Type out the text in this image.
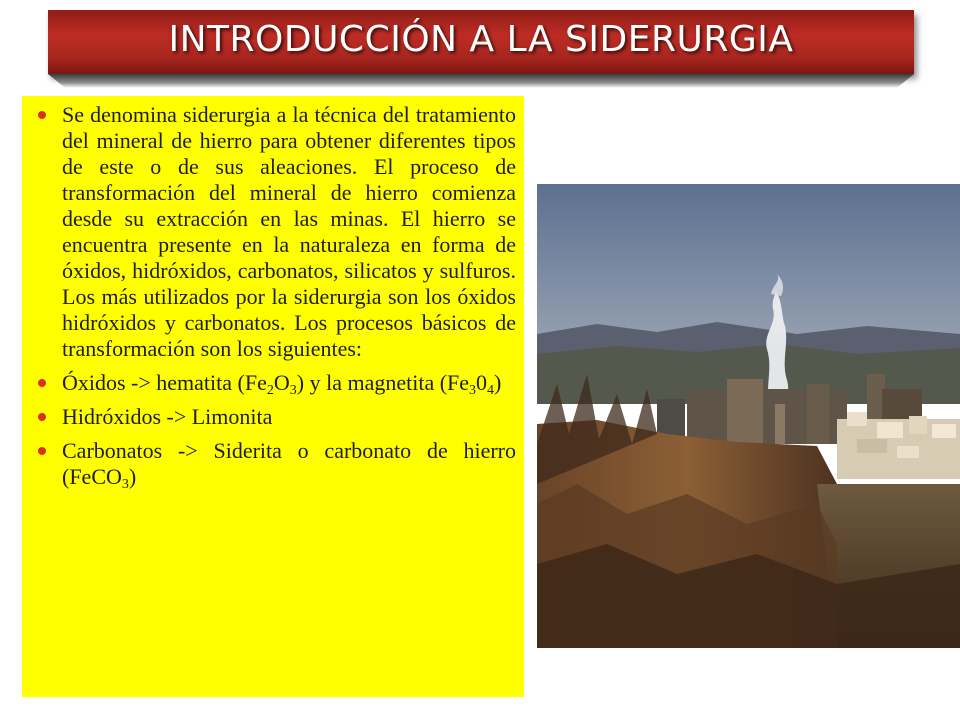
INTRODUCCIÓN A LA SIDERURGIA
Se denomina siderurgia a la técnica del tratamiento del mineral de hierro para obtener diferentes tipos de este o de sus aleaciones. El proceso de transformación del mineral de hierro comienza desde su extracción en las minas. El hierro se encuentra presente en la naturaleza en forma de óxidos, hidróxidos, carbonatos, silicatos y sulfuros. Los más utilizados por la siderurgia son los óxidos hidróxidos y carbonatos. Los procesos básicos de transformación son los siguientes:
Óxidos -> hematita $(Fe_2O_3)$ y la magnetita $(Fe_30_4)$
Hidróxidos -> Limonita
Carbonatos -> Siderita o carbonato de hierro (FeCO$_3$)
